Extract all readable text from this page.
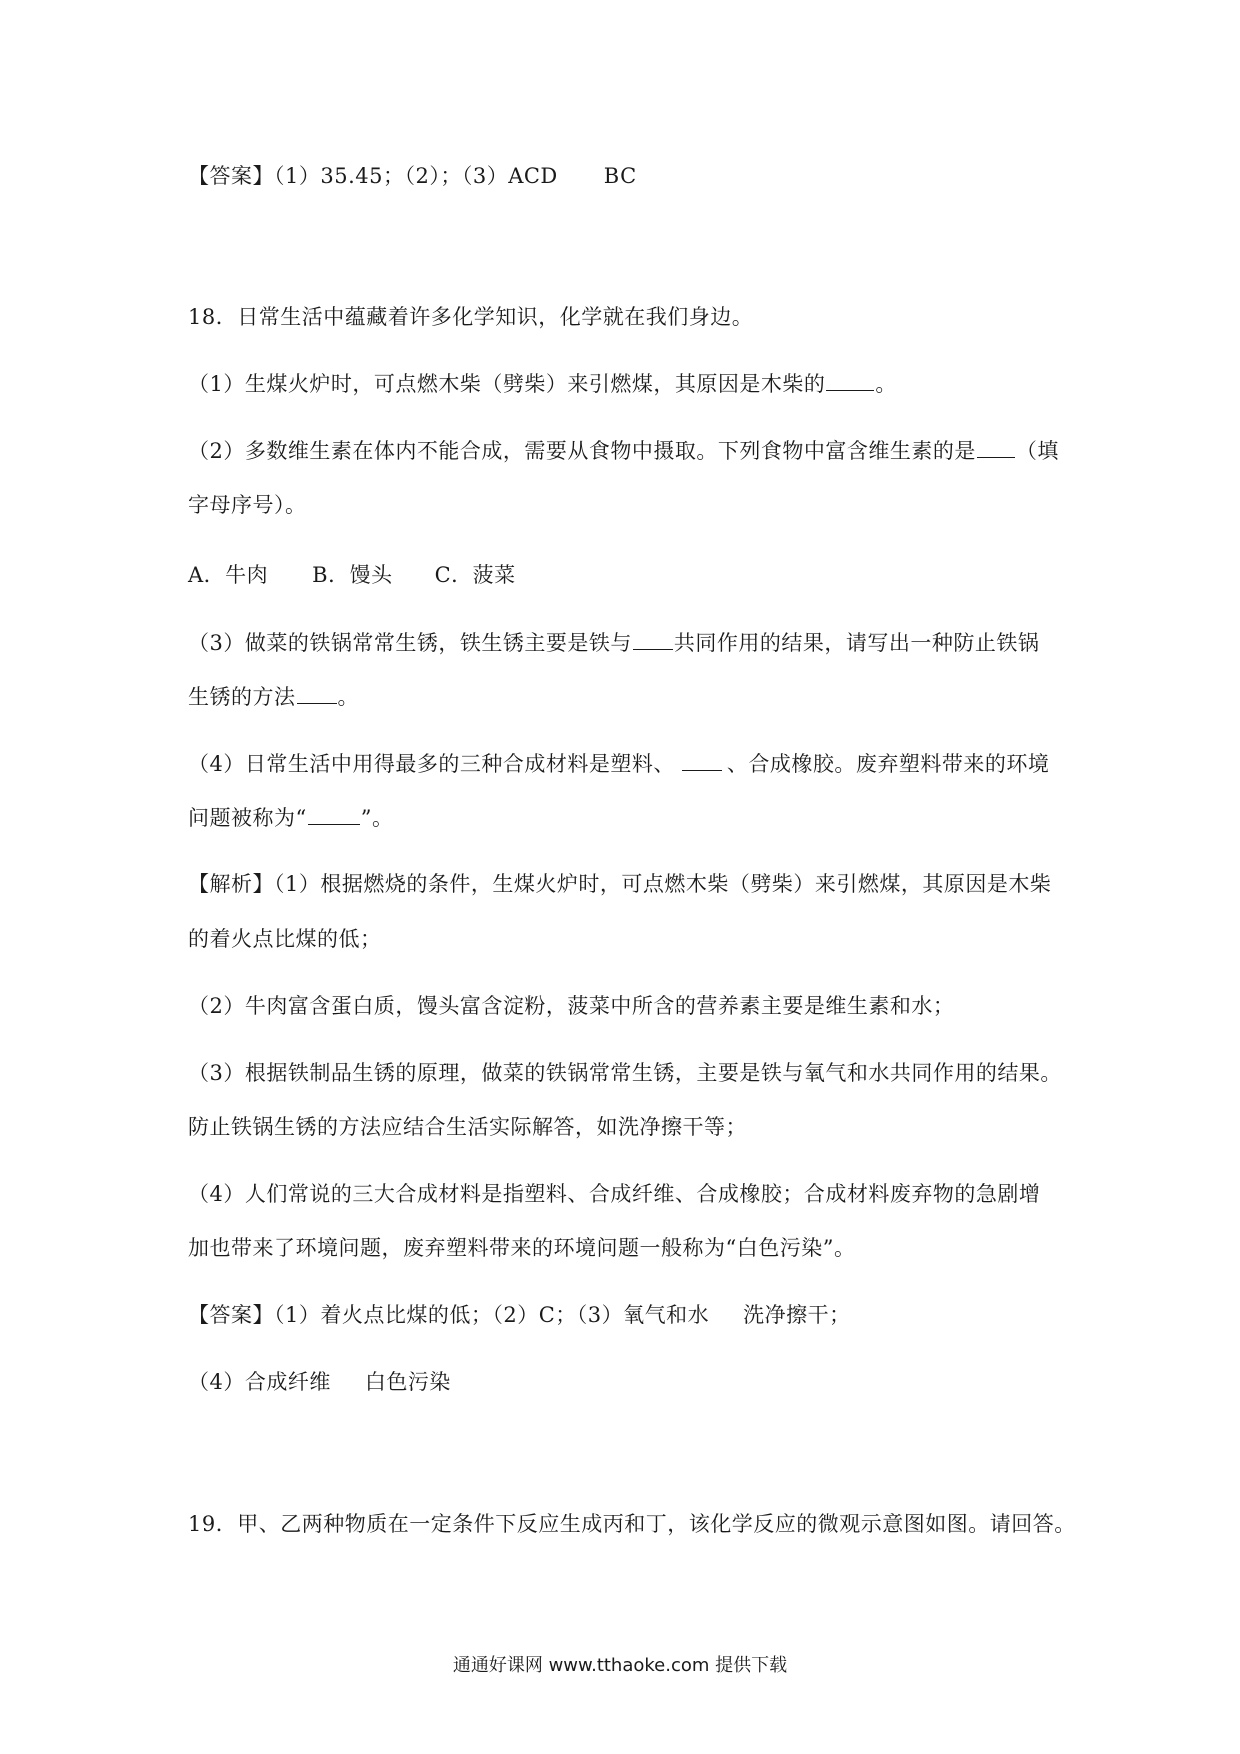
【答案】（1）35.45；（2）；（3）ACD BC
18．日常生活中蕴藏着许多化学知识，化学就在我们身边。
（1）生煤火炉时，可点燃木柴（劈柴）来引燃煤，其原因是木柴的 。
（2）多数维生素在体内不能合成，需要从食物中摄取。下列食物中富含维生素的是 （填
字母序号）。
A．牛肉 B．馒头 C．菠菜
（3）做菜的铁锅常常生锈，铁生锈主要是铁与 共同作用的结果，请写出一种防止铁锅
生锈的方法 。
（4）日常生活中用得最多的三种合成材料是塑料、 、合成橡胶。废弃塑料带来的环境
问题被称为“	”。
【解析】（1）根据燃烧的条件，生煤火炉时，可点燃木柴（劈柴）来引燃煤，其原因是木柴
的着火点比煤的低；
（2）牛肉富含蛋白质，馒头富含淀粉，菠菜中所含的营养素主要是维生素和水；
（3）根据铁制品生锈的原理，做菜的铁锅常常生锈，主要是铁与氧气和水共同作用的结果。
防止铁锅生锈的方法应结合生活实际解答，如洗净擦干等；
（4）人们常说的三大合成材料是指塑料、合成纤维、合成橡胶；合成材料废弃物的急剧增
加也带来了环境问题，废弃塑料带来的环境问题一般称为“白色污染”。
【答案】（1）着火点比煤的低；（2）C；（3）氧气和水 洗净擦干；
（4）合成纤维 白色污染
19．甲、乙两种物质在一定条件下反应生成丙和丁，该化学反应的微观示意图如图。请回答。
通通好课网 www.tthaoke.com 提供下载
